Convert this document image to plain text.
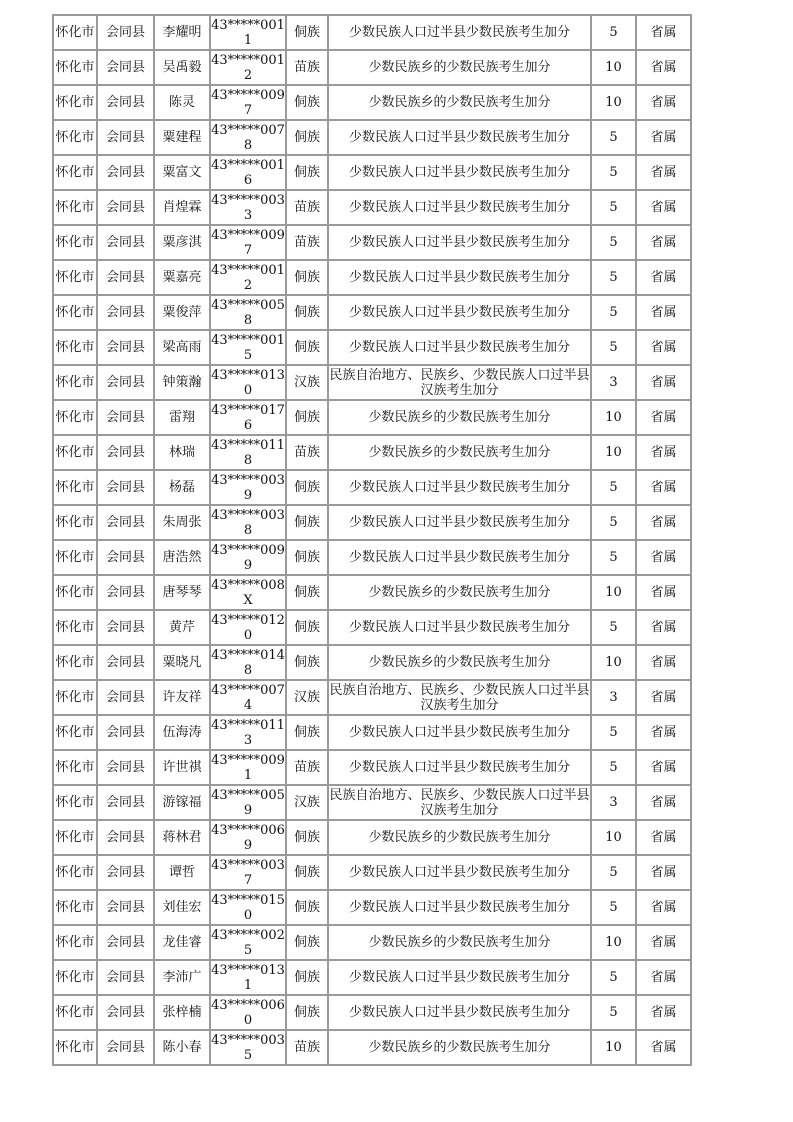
怀化市	会同县	李耀明	43*****0011	侗族	少数民族人口过半县少数民族考生加分	5	省属
怀化市	会同县	吴禹毅	43*****0012	苗族	少数民族乡的少数民族考生加分	10	省属
怀化市	会同县	陈灵	43*****0097	侗族	少数民族乡的少数民族考生加分	10	省属
怀化市	会同县	粟建程	43*****0078	侗族	少数民族人口过半县少数民族考生加分	5	省属
怀化市	会同县	粟富文	43*****0016	侗族	少数民族人口过半县少数民族考生加分	5	省属
怀化市	会同县	肖煌霖	43*****0033	苗族	少数民族人口过半县少数民族考生加分	5	省属
怀化市	会同县	粟彦淇	43*****0097	苗族	少数民族人口过半县少数民族考生加分	5	省属
怀化市	会同县	粟嘉亮	43*****0012	侗族	少数民族人口过半县少数民族考生加分	5	省属
怀化市	会同县	粟俊萍	43*****0058	侗族	少数民族人口过半县少数民族考生加分	5	省属
怀化市	会同县	梁高雨	43*****0015	侗族	少数民族人口过半县少数民族考生加分	5	省属
怀化市	会同县	钟策瀚	43*****0130	汉族	民族自治地方、民族乡、少数民族人口过半县汉族考生加分	3	省属
怀化市	会同县	雷翔	43*****0176	侗族	少数民族乡的少数民族考生加分	10	省属
怀化市	会同县	林瑞	43*****0118	苗族	少数民族乡的少数民族考生加分	10	省属
怀化市	会同县	杨磊	43*****0039	侗族	少数民族人口过半县少数民族考生加分	5	省属
怀化市	会同县	朱周张	43*****0038	侗族	少数民族人口过半县少数民族考生加分	5	省属
怀化市	会同县	唐浩然	43*****0099	侗族	少数民族人口过半县少数民族考生加分	5	省属
怀化市	会同县	唐琴琴	43*****008X	侗族	少数民族乡的少数民族考生加分	10	省属
怀化市	会同县	黄芹	43*****0120	侗族	少数民族人口过半县少数民族考生加分	5	省属
怀化市	会同县	粟晓凡	43*****0148	侗族	少数民族乡的少数民族考生加分	10	省属
怀化市	会同县	许友祥	43*****0074	汉族	民族自治地方、民族乡、少数民族人口过半县汉族考生加分	3	省属
怀化市	会同县	伍海涛	43*****0113	侗族	少数民族人口过半县少数民族考生加分	5	省属
怀化市	会同县	许世祺	43*****0091	苗族	少数民族人口过半县少数民族考生加分	5	省属
怀化市	会同县	游镓福	43*****0059	汉族	民族自治地方、民族乡、少数民族人口过半县汉族考生加分	3	省属
怀化市	会同县	蒋林君	43*****0069	侗族	少数民族乡的少数民族考生加分	10	省属
怀化市	会同县	谭哲	43*****0037	侗族	少数民族人口过半县少数民族考生加分	5	省属
怀化市	会同县	刘佳宏	43*****0150	侗族	少数民族人口过半县少数民族考生加分	5	省属
怀化市	会同县	龙佳睿	43*****0025	侗族	少数民族乡的少数民族考生加分	10	省属
怀化市	会同县	李沛广	43*****0131	侗族	少数民族人口过半县少数民族考生加分	5	省属
怀化市	会同县	张梓楠	43*****0060	侗族	少数民族人口过半县少数民族考生加分	5	省属
怀化市	会同县	陈小春	43*****0035	苗族	少数民族乡的少数民族考生加分	10	省属
